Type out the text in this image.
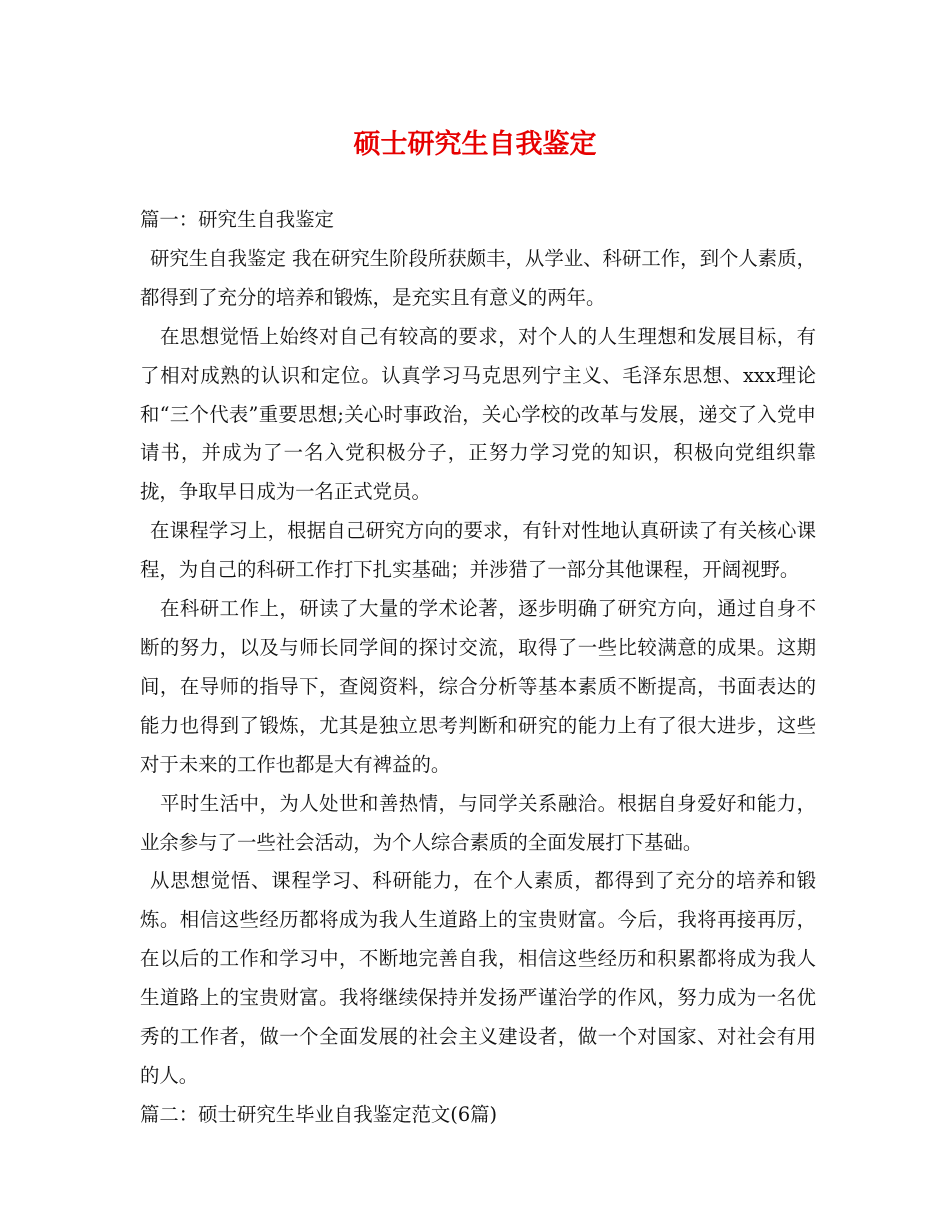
硕士研究生自我鉴定

篇一：研究生自我鉴定

研究生自我鉴定 我在研究生阶段所获颇丰，从学业、科研工作，到个人素质，都得到了充分的培养和锻炼，是充实且有意义的两年。

在思想觉悟上始终对自己有较高的要求，对个人的人生理想和发展目标，有了相对成熟的认识和定位。认真学习马克思列宁主义、毛泽东思想、xxx理论和“三个代表”重要思想;关心时事政治，关心学校的改革与发展，递交了入党申请书，并成为了一名入党积极分子，正努力学习党的知识，积极向党组织靠拢，争取早日成为一名正式党员。

在课程学习上，根据自己研究方向的要求，有针对性地认真研读了有关核心课程，为自己的科研工作打下扎实基础；并涉猎了一部分其他课程，开阔视野。

在科研工作上，研读了大量的学术论著，逐步明确了研究方向，通过自身不断的努力，以及与师长同学间的探讨交流，取得了一些比较满意的成果。这期间，在导师的指导下，查阅资料，综合分析等基本素质不断提高，书面表达的能力也得到了锻炼，尤其是独立思考判断和研究的能力上有了很大进步，这些对于未来的工作也都是大有裨益的。

平时生活中，为人处世和善热情，与同学关系融洽。根据自身爱好和能力，业余参与了一些社会活动，为个人综合素质的全面发展打下基础。

从思想觉悟、课程学习、科研能力，在个人素质，都得到了充分的培养和锻炼。相信这些经历都将成为我人生道路上的宝贵财富。今后，我将再接再厉，在以后的工作和学习中，不断地完善自我，相信这些经历和积累都将成为我人生道路上的宝贵财富。我将继续保持并发扬严谨治学的作风，努力成为一名优秀的工作者，做一个全面发展的社会主义建设者，做一个对国家、对社会有用的人。

篇二：硕士研究生毕业自我鉴定范文(6篇)
